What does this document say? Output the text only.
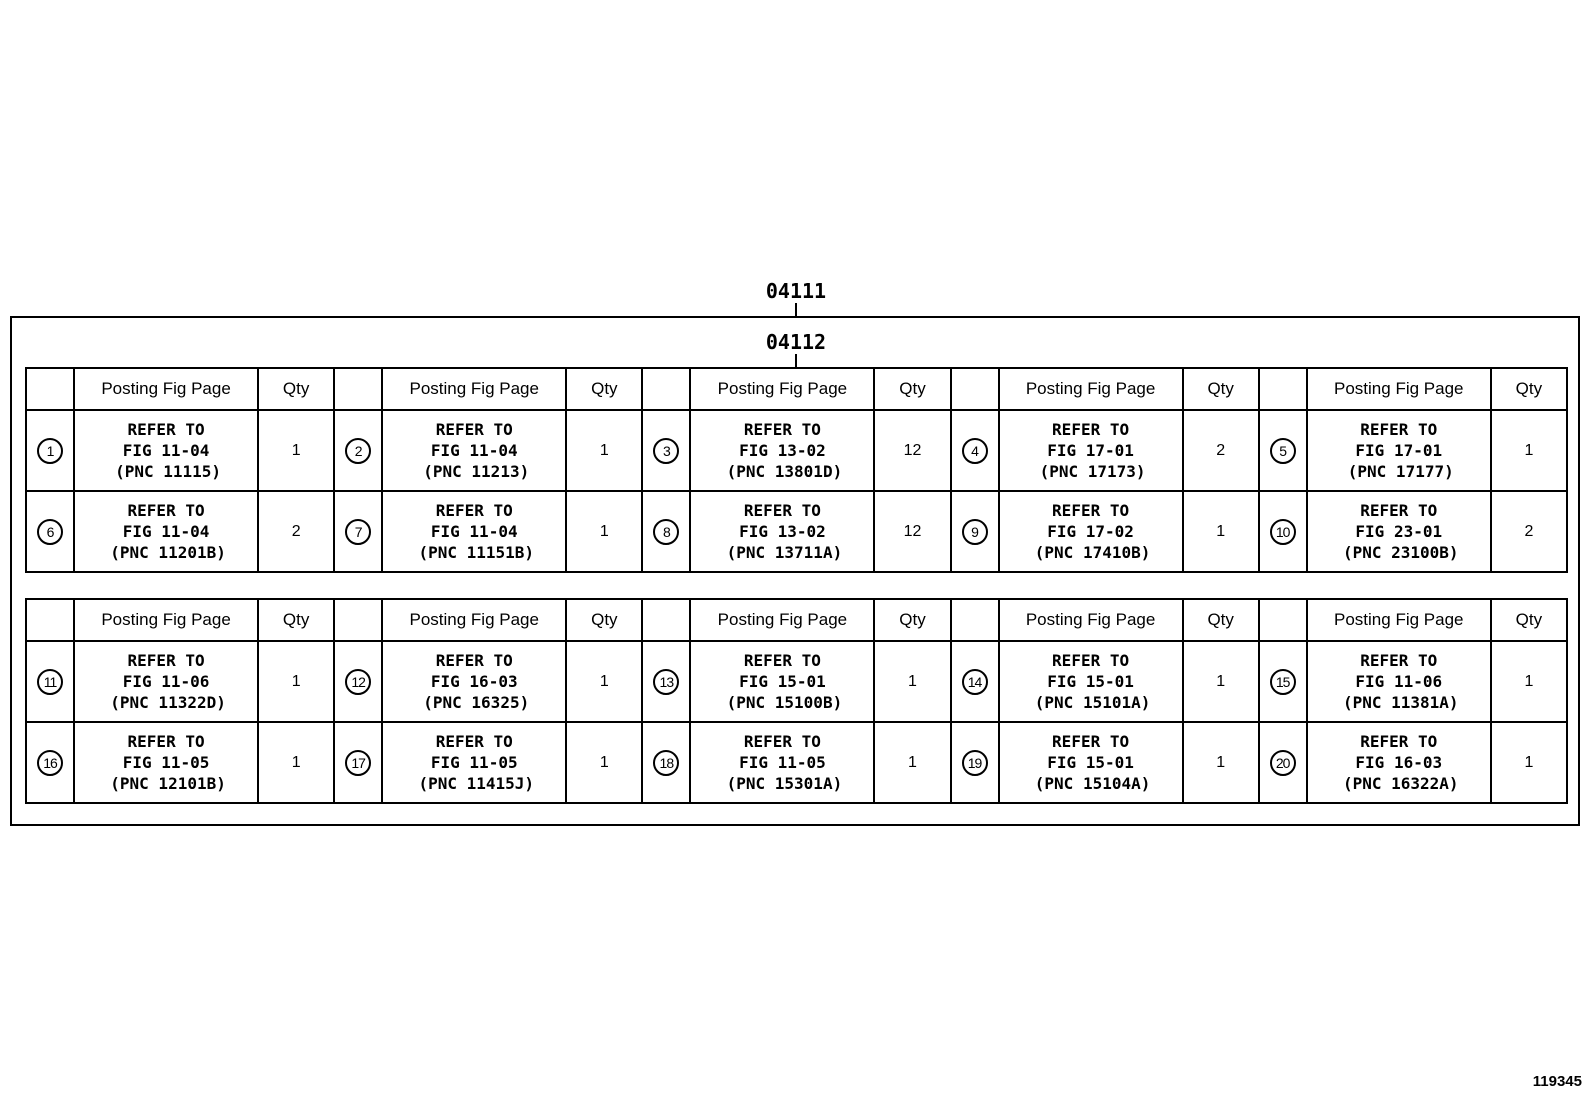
04111
04112
	Posting Fig Page	Qty		Posting Fig Page	Qty		Posting Fig Page	Qty		Posting Fig Page	Qty		Posting Fig Page	Qty
1	REFER TO
FIG 11-04
(PNC 11115)	1	2	REFER TO
FIG 11-04
(PNC 11213)	1	3	REFER TO
FIG 13-02
(PNC 13801D)	12	4	REFER TO
FIG 17-01
(PNC 17173)	2	5	REFER TO
FIG 17-01
(PNC 17177)	1
6	REFER TO
FIG 11-04
(PNC 11201B)	2	7	REFER TO
FIG 11-04
(PNC 11151B)	1	8	REFER TO
FIG 13-02
(PNC 13711A)	12	9	REFER TO
FIG 17-02
(PNC 17410B)	1	10	REFER TO
FIG 23-01
(PNC 23100B)	2
	Posting Fig Page	Qty		Posting Fig Page	Qty		Posting Fig Page	Qty		Posting Fig Page	Qty		Posting Fig Page	Qty
11	REFER TO
FIG 11-06
(PNC 11322D)	1	12	REFER TO
FIG 16-03
(PNC 16325)	1	13	REFER TO
FIG 15-01
(PNC 15100B)	1	14	REFER TO
FIG 15-01
(PNC 15101A)	1	15	REFER TO
FIG 11-06
(PNC 11381A)	1
16	REFER TO
FIG 11-05
(PNC 12101B)	1	17	REFER TO
FIG 11-05
(PNC 11415J)	1	18	REFER TO
FIG 11-05
(PNC 15301A)	1	19	REFER TO
FIG 15-01
(PNC 15104A)	1	20	REFER TO
FIG 16-03
(PNC 16322A)	1
119345
